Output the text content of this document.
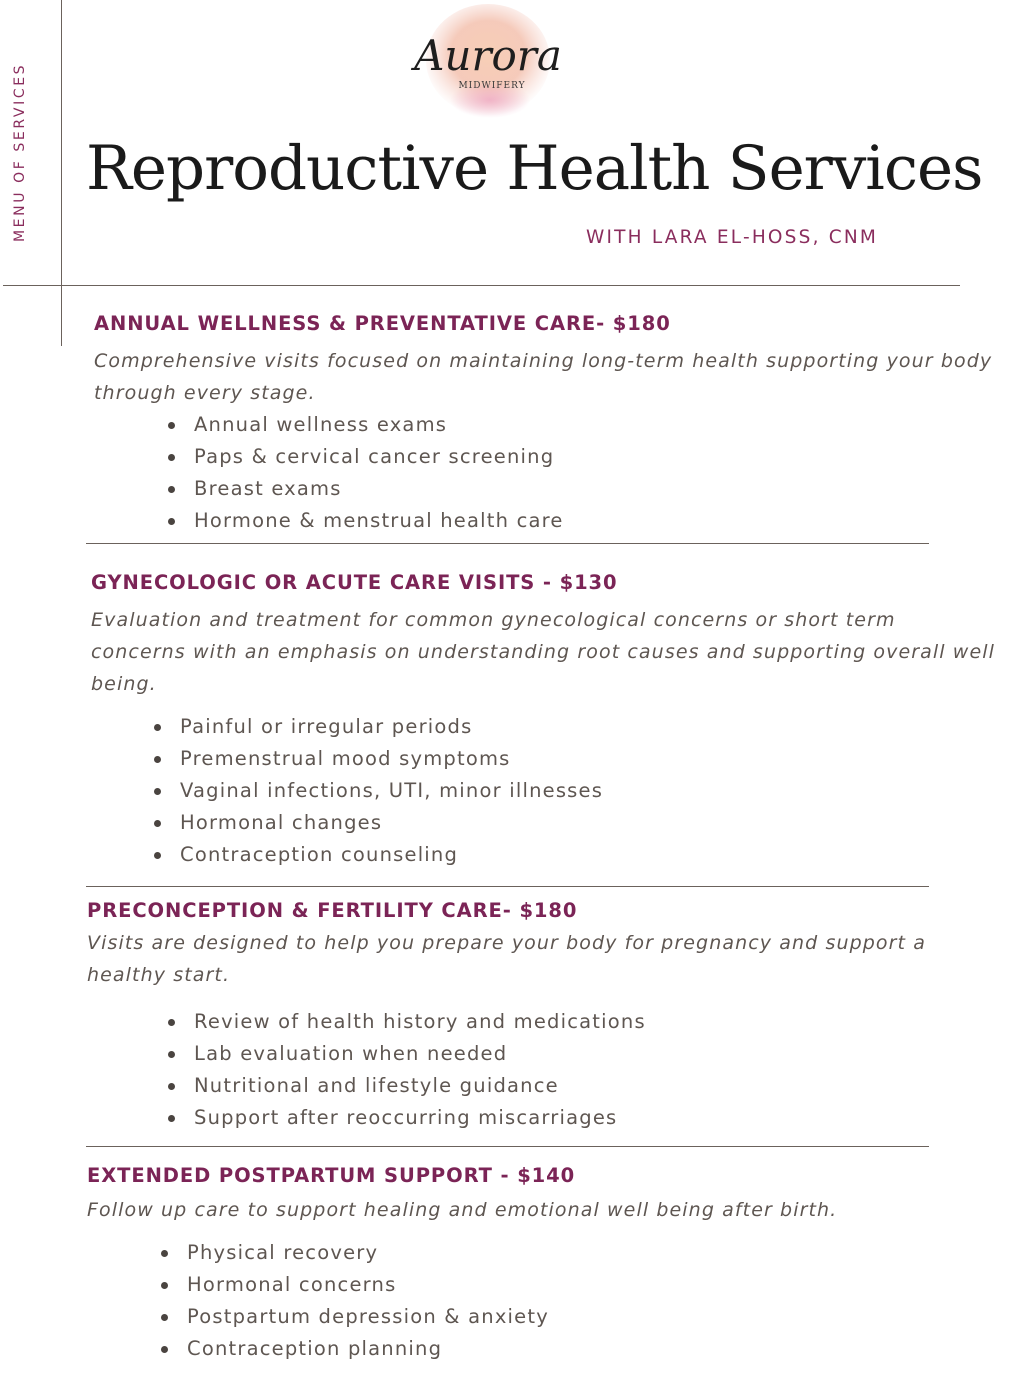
MENU OF SERVICES
Aurora
MIDWIFERY
Reproductive Health Services
WITH LARA EL-HOSS, CNM
ANNUAL WELLNESS & PREVENTATIVE CARE- $180
Comprehensive visits focused on maintaining long-term health supporting your body through every stage.
Annual wellness exams
Paps & cervical cancer screening
Breast exams
Hormone & menstrual health care
GYNECOLOGIC OR ACUTE CARE VISITS - $130
Evaluation and treatment for common gynecological concerns or short term concerns with an emphasis on understanding root causes and supporting overall well being.
Painful or irregular periods
Premenstrual mood symptoms
Vaginal infections, UTI, minor illnesses
Hormonal changes
Contraception counseling
PRECONCEPTION & FERTILITY CARE- $180
Visits are designed to help you prepare your body for pregnancy and support a healthy start.
Review of health history and medications
Lab evaluation when needed
Nutritional and lifestyle guidance
Support after reoccurring miscarriages
EXTENDED POSTPARTUM SUPPORT - $140
Follow up care to support healing and emotional well being after birth.
Physical recovery
Hormonal concerns
Postpartum depression & anxiety
Contraception planning
